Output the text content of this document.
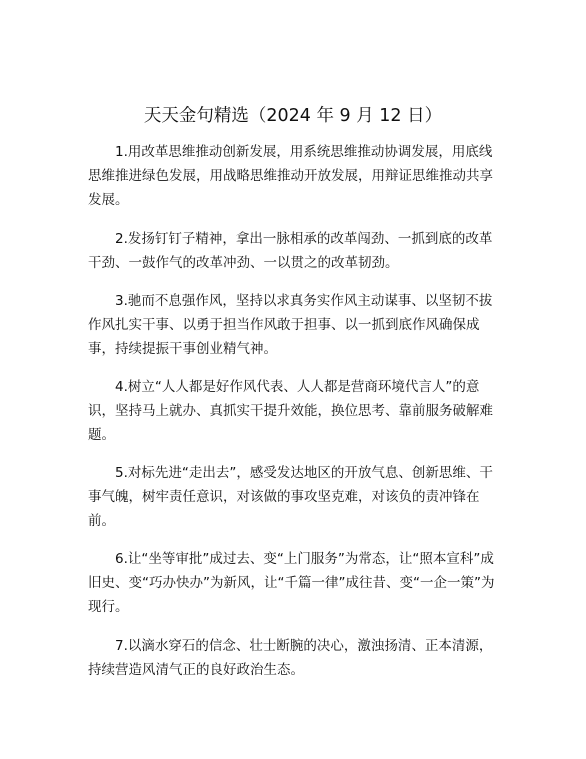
天天金句精选（2024 年 9 月 12 日）

1.用改革思维推动创新发展，用系统思维推动协调发展，用底线思维推进绿色发展，用战略思维推动开放发展，用辩证思维推动共享发展。

2.发扬钉钉子精神，拿出一脉相承的改革闯劲、一抓到底的改革干劲、一鼓作气的改革冲劲、一以贯之的改革韧劲。

3.驰而不息强作风，坚持以求真务实作风主动谋事、以坚韧不拔作风扎实干事、以勇于担当作风敢于担事、以一抓到底作风确保成事，持续提振干事创业精气神。

4.树立“人人都是好作风代表、人人都是营商环境代言人”的意识，坚持马上就办、真抓实干提升效能，换位思考、靠前服务破解难题。

5.对标先进“走出去”，感受发达地区的开放气息、创新思维、干事气魄，树牢责任意识，对该做的事攻坚克难，对该负的责冲锋在前。

6.让“坐等审批”成过去、变“上门服务”为常态，让“照本宣科”成旧史、变“巧办快办”为新风，让“千篇一律”成往昔、变“一企一策”为现行。

7.以滴水穿石的信念、壮士断腕的决心，激浊扬清、正本清源，持续营造风清气正的良好政治生态。
